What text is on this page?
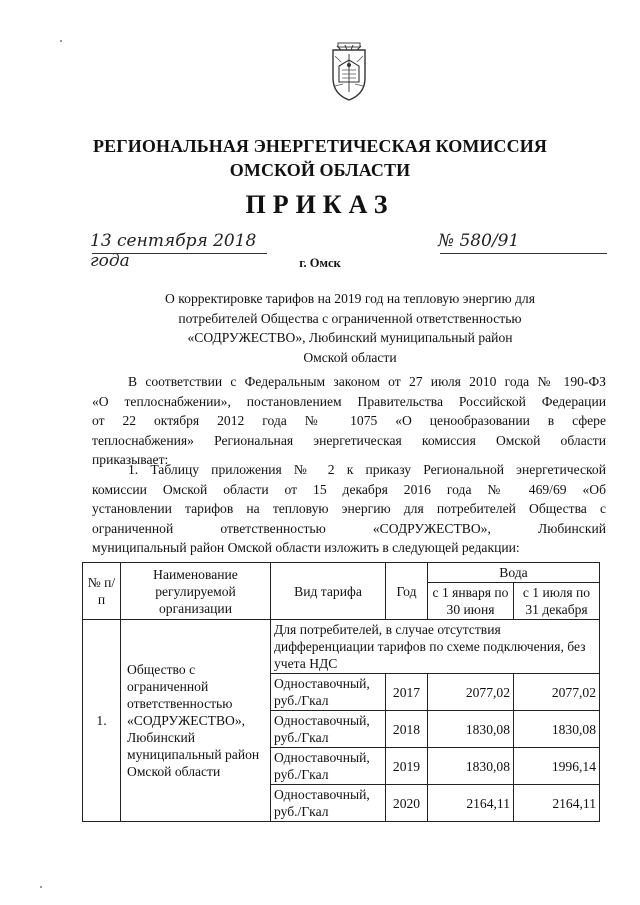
РЕГИОНАЛЬНАЯ ЭНЕРГЕТИЧЕСКАЯ КОМИССИЯ
ОМСКОЙ ОБЛАСТИ
ПРИКАЗ
13 сентября 2018 года
№ 580/91
г. Омск
О корректировке тарифов на 2019 год на тепловую энергию для
потребителей Общества с ограниченной ответственностью
«СОДРУЖЕСТВО», Любинский муниципальный район
Омской области
В соответствии с Федеральным законом от 27 июля 2010 года № 190-ФЗ
«О теплоснабжении», постановлением Правительства Российской Федерации
от 22 октября 2012 года № 1075 «О ценообразовании в сфере
теплоснабжения» Региональная энергетическая комиссия Омской области
приказывает:
1. Таблицу приложения № 2 к приказу Региональной энергетической
комиссии Омской области от 15 декабря 2016 года № 469/69 «Об
установлении тарифов на тепловую энергию для потребителей Общества с
ограниченной ответственностью «СОДРУЖЕСТВО», Любинский
муниципальный район Омской области изложить в следующей редакции:
№ п/п	Наименование регулируемой организации	Вид тарифа	Год	Вода	
				с 1 января по 30 июня	с 1 июля по 31 декабря
1.	Общество с ограниченной ответственностью «СОДРУЖЕСТВО», Любинский муниципальный район Омской области	Для потребителей, в случае отсутствия дифференциации тарифов по схеме подключения, без учета НДС			
		Одноставочный, руб./Гкал	2017	2077,02	2077,02
		Одноставочный, руб./Гкал	2018	1830,08	1830,08
		Одноставочный, руб./Гкал	2019	1830,08	1996,14
		Одноставочный, руб./Гкал	2020	2164,11	2164,11
